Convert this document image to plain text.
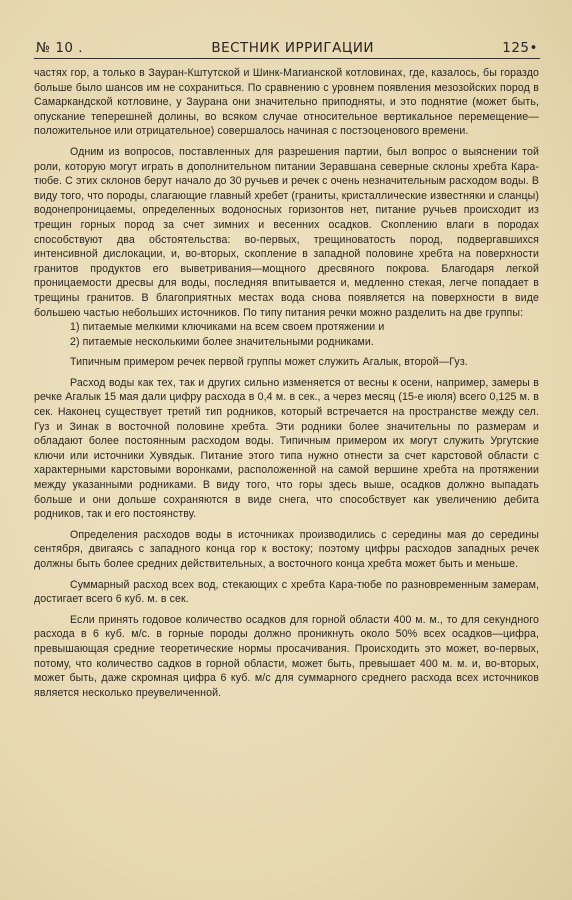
№ 10 .	ВЕСТНИК ИРРИГАЦИИ	125•

частях гор, а только в Зауран-Кштутской и Шинк-Магианской котловинах, где, казалось, бы гораздо больше было шансов им не сохраниться. По сравнению с уровнем появления мезозойских пород в Самаркандской котловине, у Заурана они значительно приподняты, и это поднятие (может быть, опускание теперешней долины, во всяком случае относительное вертикальное перемещение—положительное или отрицательное) совершалось начиная с постэоценового времени.

Одним из вопросов, поставленных для разрешения партии, был вопрос о выяснении той роли, которую могут играть в дополнительном питании Зеравшана северные склоны хребта Кара-тюбе. С этих склонов берут начало до 30 ручьев и речек с очень незначительным расходом воды. В виду того, что породы, слагающие главный хребет (граниты, кристаллические известняки и сланцы) водонепроницаемы, определенных водоносных горизонтов нет, питание ручьев происходит из трещин горных пород за счет зимних и весенних осадков. Скоплению влаги в породах способствуют два обстоятельства: во-первых, трещиноватость пород, подвергавшихся интенсивной дислокации, и, во-вторых, скопление в западной половине хребта на поверхности гранитов продуктов его выветривания—мощного дресвяного покрова. Благодаря легкой проницаемости дресвы для воды, последняя впитывается и, медленно стекая, легче попадает в трещины гранитов. В благоприятных местах вода снова появляется на поверхности в виде большею частью небольших источников. По типу питания речки можно разделить на две группы:

1) питаемые мелкими ключиками на всем своем протяжении и
2) питаемые несколькими более значительными родниками.

Типичным примером речек первой группы может служить Агалык, второй—Гуз.

Расход воды как тех, так и других сильно изменяется от весны к осени, например, замеры в речке Агалык 15 мая дали цифру расхода в 0,4 м. в сек., а через месяц (15-е июля) всего 0,125 м. в сек. Наконец существует третий тип родников, который встречается на пространстве между сел. Гуз и Зинак в восточной половине хребта. Эти родники более значительны по размерам и обладают более постоянным расходом воды. Типичным примером их могут служить Ургутские ключи или источники Хувядык. Питание этого типа нужно отнести за счет карстовой области с характерными карстовыми воронками, расположенной на самой вершине хребта на протяжении между указанными родниками. В виду того, что горы здесь выше, осадков должно выпадать больше и они дольше сохраняются в виде снега, что способствует как увеличению дебита родников, так и его постоянству.

Определения расходов воды в источниках производились с середины мая до середины сентября, двигаясь с западного конца гор к востоку; поэтому цифры расходов западных речек должны быть более средних действительных, а восточного конца хребта может быть и меньше.

Суммарный расход всех вод, стекающих с хребта Кара-тюбе по разновременным замерам, достигает всего 6 куб. м. в сек.

Если принять годовое количество осадков для горной области 400 м. м., то для секундного расхода в 6 куб. м/с. в горные породы должно проникнуть около 50% всех осадков—цифра, превышающая средние теоретические нормы просачивания. Происходить это может, во-первых, потому, что количество садков в горной области, может быть, превышает 400 м. м. и, во-вторых, может быть, даже скромная цифра 6 куб. м/с для суммарного среднего расхода всех источников является несколько преувеличенной.
